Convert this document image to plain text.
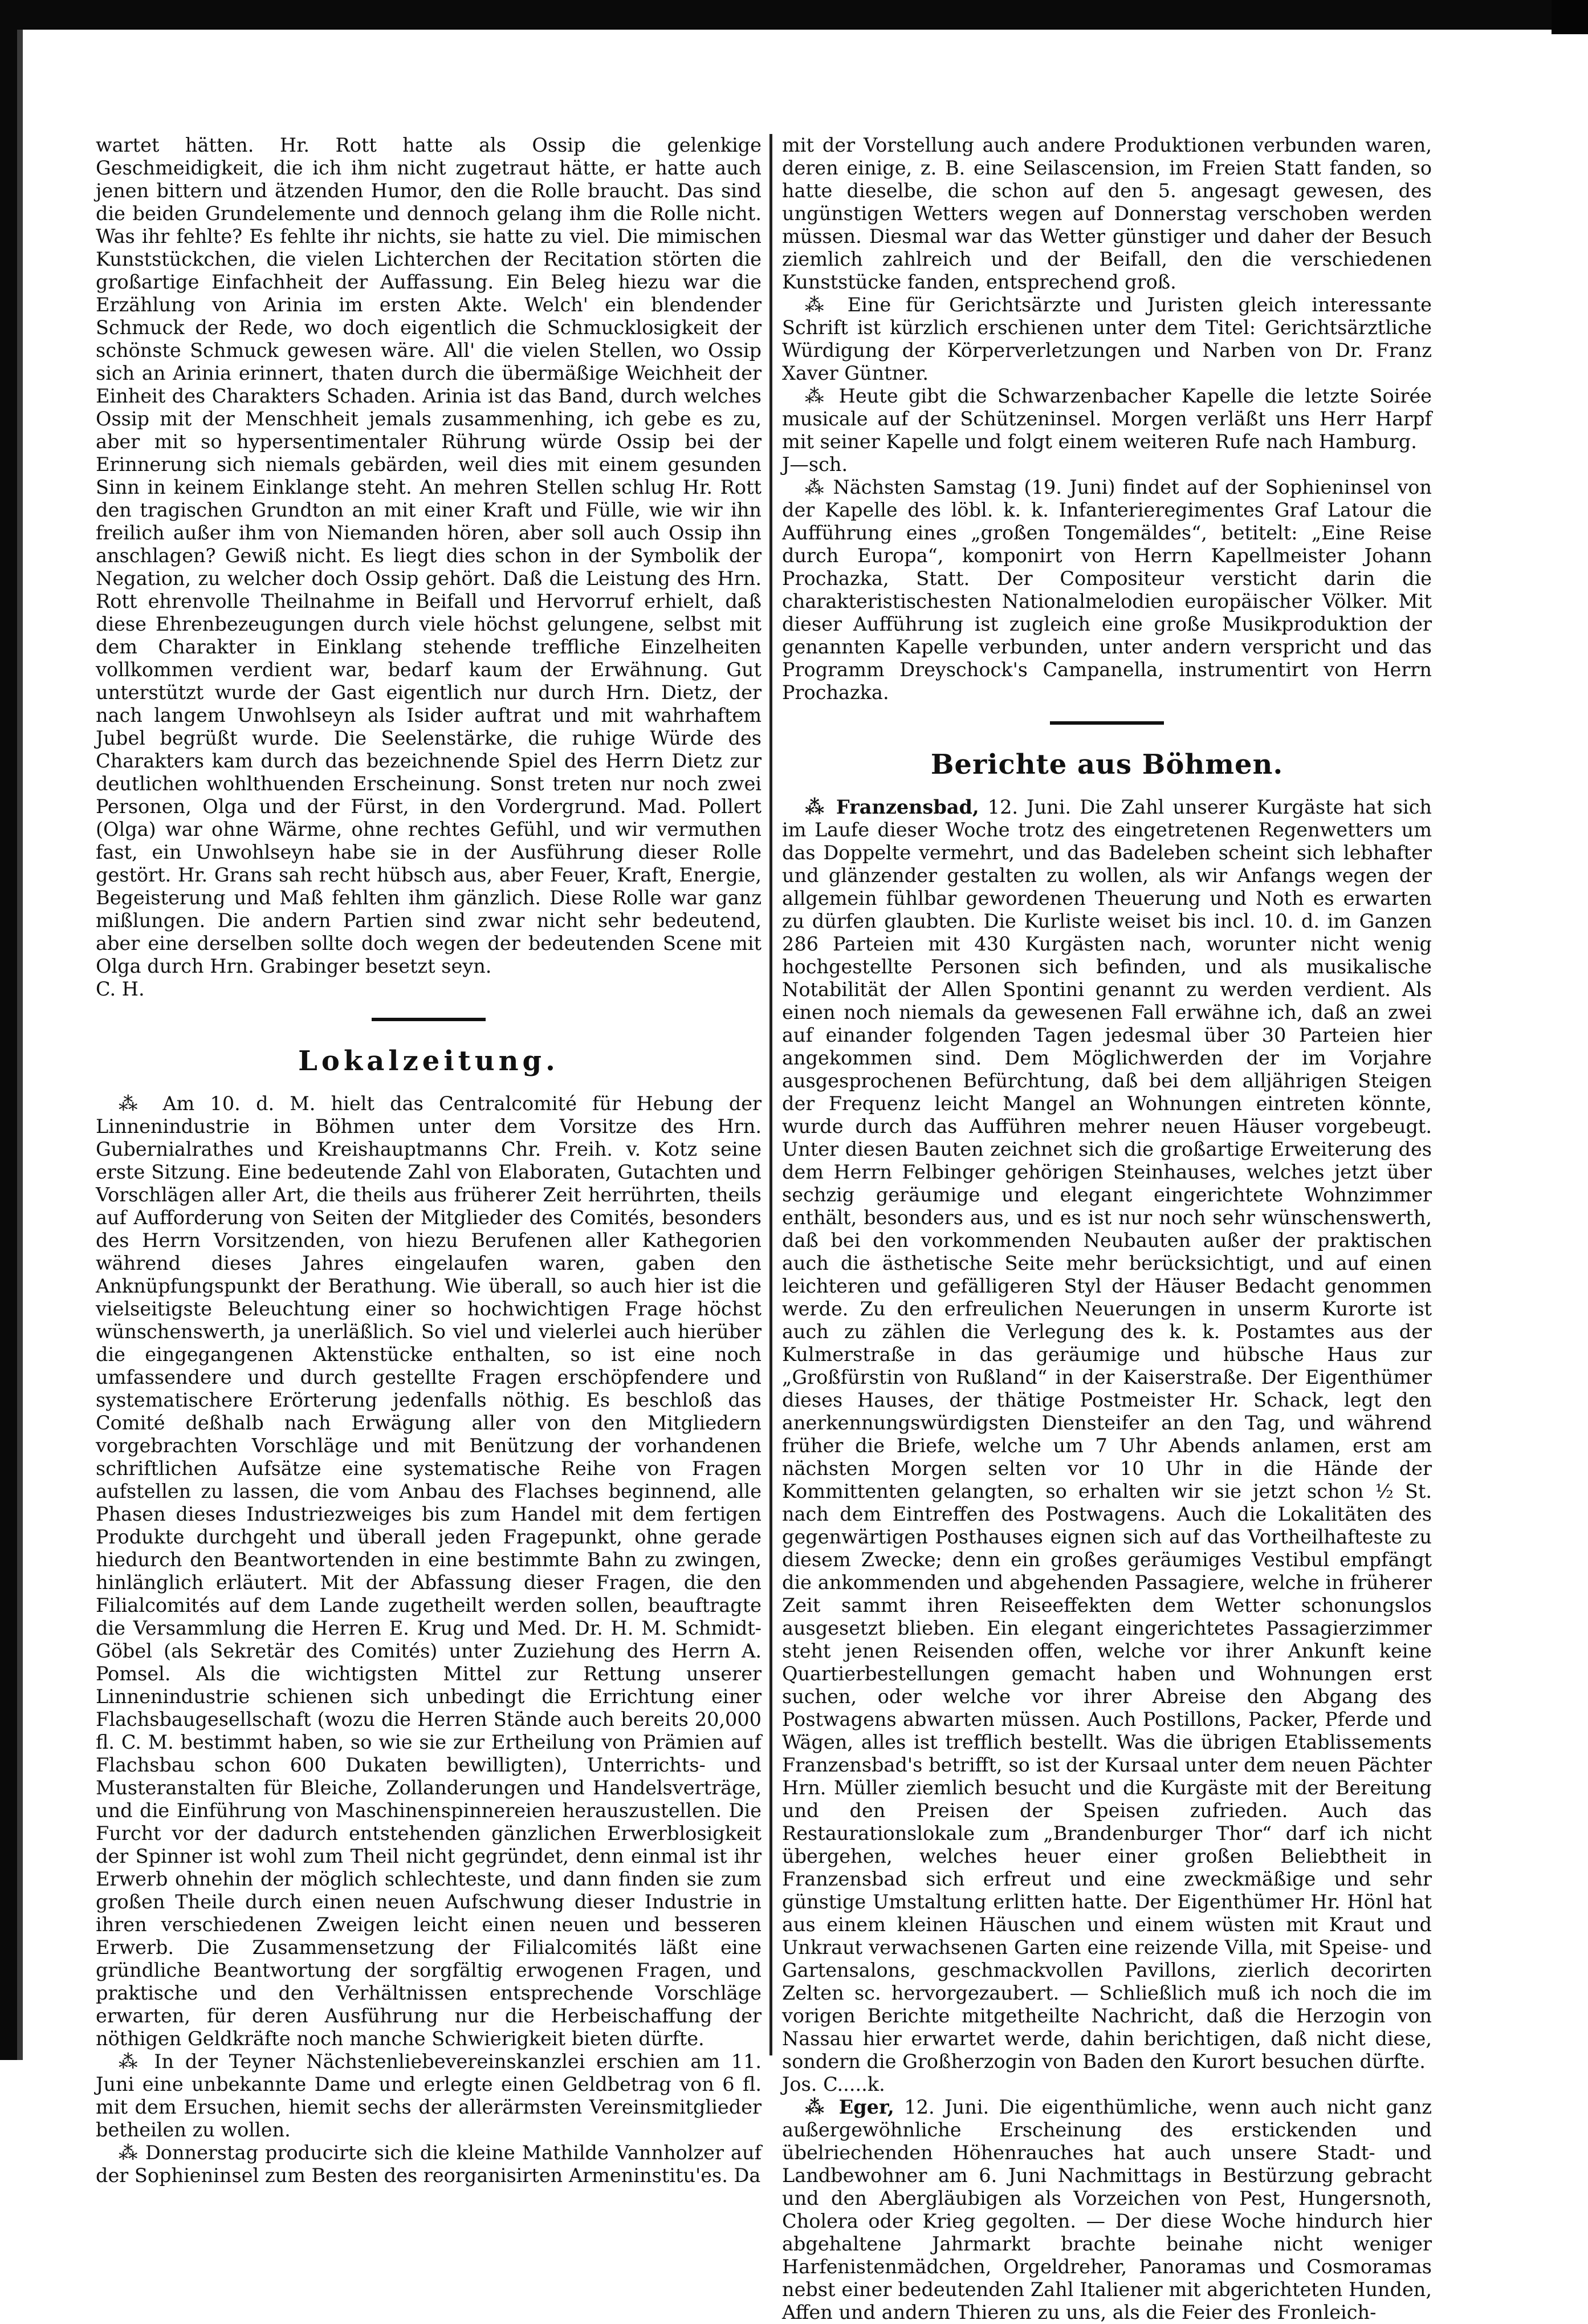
wartet hätten. Hr. Rott hatte als Ossip die gelenkige Geschmeidigkeit, die ich ihm nicht zugetraut hätte, er hatte auch jenen bittern und ätzenden Humor, den die Rolle braucht. Das sind die beiden Grundelemente und dennoch gelang ihm die Rolle nicht. Was ihr fehlte? Es fehlte ihr nichts, sie hatte zu viel. Die mimischen Kunststückchen, die vielen Lichterchen der Recitation störten die großartige Einfachheit der Auffassung. Ein Beleg hiezu war die Erzählung von Arinia im ersten Akte. Welch' ein blendender Schmuck der Rede, wo doch eigentlich die Schmucklosigkeit der schönste Schmuck gewesen wäre. All' die vielen Stellen, wo Ossip sich an Arinia erinnert, thaten durch die übermäßige Weichheit der Einheit des Charakters Schaden. Arinia ist das Band, durch welches Ossip mit der Menschheit jemals zusammenhing, ich gebe es zu, aber mit so hypersentimentaler Rührung würde Ossip bei der Erinnerung sich niemals gebärden, weil dies mit einem gesunden Sinn in keinem Einklange steht. An mehren Stellen schlug Hr. Rott den tragischen Grundton an mit einer Kraft und Fülle, wie wir ihn freilich außer ihm von Niemanden hören, aber soll auch Ossip ihn anschlagen? Gewiß nicht. Es liegt dies schon in der Symbolik der Negation, zu welcher doch Ossip gehört. Daß die Leistung des Hrn. Rott ehrenvolle Theilnahme in Beifall und Hervorruf erhielt, daß diese Ehrenbezeugungen durch viele höchst gelungene, selbst mit dem Charakter in Einklang stehende treffliche Einzelheiten vollkommen verdient war, bedarf kaum der Erwähnung. Gut unterstützt wurde der Gast eigentlich nur durch Hrn. Dietz, der nach langem Unwohlseyn als Isider auftrat und mit wahrhaftem Jubel begrüßt wurde. Die Seelenstärke, die ruhige Würde des Charakters kam durch das bezeichnende Spiel des Herrn Dietz zur deutlichen wohlthuenden Erscheinung. Sonst treten nur noch zwei Personen, Olga und der Fürst, in den Vordergrund. Mad. Pollert (Olga) war ohne Wärme, ohne rechtes Gefühl, und wir vermuthen fast, ein Unwohlseyn habe sie in der Ausführung dieser Rolle gestört. Hr. Grans sah recht hübsch aus, aber Feuer, Kraft, Energie, Begeisterung und Maß fehlten ihm gänzlich. Diese Rolle war ganz mißlungen. Die andern Partien sind zwar nicht sehr bedeutend, aber eine derselben sollte doch wegen der bedeutenden Scene mit Olga durch Hrn. Grabinger besetzt seyn.

C. H.

Lokalzeitung.

⁂ Am 10. d. M. hielt das Centralcomité für Hebung der Linnenindustrie in Böhmen unter dem Vorsitze des Hrn. Gubernialrathes und Kreishauptmanns Chr. Freih. v. Kotz seine erste Sitzung. Eine bedeutende Zahl von Elaboraten, Gutachten und Vorschlägen aller Art, die theils aus früherer Zeit herrührten, theils auf Aufforderung von Seiten der Mitglieder des Comités, besonders des Herrn Vorsitzenden, von hiezu Berufenen aller Kathegorien während dieses Jahres eingelaufen waren, gaben den Anknüpfungspunkt der Berathung. Wie überall, so auch hier ist die vielseitigste Beleuchtung einer so hochwichtigen Frage höchst wünschenswerth, ja unerläßlich. So viel und vielerlei auch hierüber die eingegangenen Aktenstücke enthalten, so ist eine noch umfassendere und durch gestellte Fragen erschöpfendere und systematischere Erörterung jedenfalls nöthig. Es beschloß das Comité deßhalb nach Erwägung aller von den Mitgliedern vorgebrachten Vorschläge und mit Benützung der vorhandenen schriftlichen Aufsätze eine systematische Reihe von Fragen aufstellen zu lassen, die vom Anbau des Flachses beginnend, alle Phasen dieses Industriezweiges bis zum Handel mit dem fertigen Produkte durchgeht und überall jeden Fragepunkt, ohne gerade hiedurch den Beantwortenden in eine bestimmte Bahn zu zwingen, hinlänglich erläutert. Mit der Abfassung dieser Fragen, die den Filialcomités auf dem Lande zugetheilt werden sollen, beauftragte die Versammlung die Herren E. Krug und Med. Dr. H. M. Schmidt-Göbel (als Sekretär des Comités) unter Zuziehung des Herrn A. Pomsel. Als die wichtigsten Mittel zur Rettung unserer Linnenindustrie schienen sich unbedingt die Errichtung einer Flachsbaugesellschaft (wozu die Herren Stände auch bereits 20,000 fl. C. M. bestimmt haben, so wie sie zur Ertheilung von Prämien auf Flachsbau schon 600 Dukaten bewilligten), Unterrichts- und Musteranstalten für Bleiche, Zollanderungen und Handelsverträge, und die Einführung von Maschinenspinnereien herauszustellen. Die Furcht vor der dadurch entstehenden gänzlichen Erwerblosigkeit der Spinner ist wohl zum Theil nicht gegründet, denn einmal ist ihr Erwerb ohnehin der möglich schlechteste, und dann finden sie zum großen Theile durch einen neuen Aufschwung dieser Industrie in ihren verschiedenen Zweigen leicht einen neuen und besseren Erwerb. Die Zusammensetzung der Filialcomités läßt eine gründliche Beantwortung der sorgfältig erwogenen Fragen, und praktische und den Verhältnissen entsprechende Vorschläge erwarten, für deren Ausführung nur die Herbeischaffung der nöthigen Geldkräfte noch manche Schwierigkeit bieten dürfte.

⁂ In der Teyner Nächstenliebevereinskanzlei erschien am 11. Juni eine unbekannte Dame und erlegte einen Geldbetrag von 6 fl. mit dem Ersuchen, hiemit sechs der allerärmsten Vereinsmitglieder betheilen zu wollen.

⁂ Donnerstag producirte sich die kleine Mathilde Vannholzer auf der Sophieninsel zum Besten des reorganisirten Armeninstitu'es. Da

mit der Vorstellung auch andere Produktionen verbunden waren, deren einige, z. B. eine Seilascension, im Freien Statt fanden, so hatte dieselbe, die schon auf den 5. angesagt gewesen, des ungünstigen Wetters wegen auf Donnerstag verschoben werden müssen. Diesmal war das Wetter günstiger und daher der Besuch ziemlich zahlreich und der Beifall, den die verschiedenen Kunststücke fanden, entsprechend groß.

⁂ Eine für Gerichtsärzte und Juristen gleich interessante Schrift ist kürzlich erschienen unter dem Titel: Gerichtsärztliche Würdigung der Körperverletzungen und Narben von Dr. Franz Xaver Güntner.

⁂ Heute gibt die Schwarzenbacher Kapelle die letzte Soirée musicale auf der Schützeninsel. Morgen verläßt uns Herr Harpf mit seiner Kapelle und folgt einem weiteren Rufe nach Hamburg.

J—sch.

⁂ Nächsten Samstag (19. Juni) findet auf der Sophieninsel von der Kapelle des löbl. k. k. Infanterieregimentes Graf Latour die Aufführung eines „großen Tongemäldes“, betitelt: „Eine Reise durch Europa“, komponirt von Herrn Kapellmeister Johann Prochazka, Statt. Der Compositeur versticht darin die charakteristischesten Nationalmelodien europäischer Völker. Mit dieser Aufführung ist zugleich eine große Musikproduktion der genannten Kapelle verbunden, unter andern verspricht und das Programm Dreyschock's Campanella, instrumentirt von Herrn Prochazka.

Berichte aus Böhmen.

⁂ Franzensbad, 12. Juni. Die Zahl unserer Kurgäste hat sich im Laufe dieser Woche trotz des eingetretenen Regenwetters um das Doppelte vermehrt, und das Badeleben scheint sich lebhafter und glänzender gestalten zu wollen, als wir Anfangs wegen der allgemein fühlbar gewordenen Theuerung und Noth es erwarten zu dürfen glaubten. Die Kurliste weiset bis incl. 10. d. im Ganzen 286 Parteien mit 430 Kurgästen nach, worunter nicht wenig hochgestellte Personen sich befinden, und als musikalische Notabilität der Allen Spontini genannt zu werden verdient. Als einen noch niemals da gewesenen Fall erwähne ich, daß an zwei auf einander folgenden Tagen jedesmal über 30 Parteien hier angekommen sind. Dem Möglichwerden der im Vorjahre ausgesprochenen Befürchtung, daß bei dem alljährigen Steigen der Frequenz leicht Mangel an Wohnungen eintreten könnte, wurde durch das Aufführen mehrer neuen Häuser vorgebeugt. Unter diesen Bauten zeichnet sich die großartige Erweiterung des dem Herrn Felbinger gehörigen Steinhauses, welches jetzt über sechzig geräumige und elegant eingerichtete Wohnzimmer enthält, besonders aus, und es ist nur noch sehr wünschenswerth, daß bei den vorkommenden Neubauten außer der praktischen auch die ästhetische Seite mehr berücksichtigt, und auf einen leichteren und gefälligeren Styl der Häuser Bedacht genommen werde. Zu den erfreulichen Neuerungen in unserm Kurorte ist auch zu zählen die Verlegung des k. k. Postamtes aus der Kulmerstraße in das geräumige und hübsche Haus zur „Großfürstin von Rußland“ in der Kaiserstraße. Der Eigenthümer dieses Hauses, der thätige Postmeister Hr. Schack, legt den anerkennungswürdigsten Diensteifer an den Tag, und während früher die Briefe, welche um 7 Uhr Abends anlamen, erst am nächsten Morgen selten vor 10 Uhr in die Hände der Kommittenten gelangten, so erhalten wir sie jetzt schon ½ St. nach dem Eintreffen des Postwagens. Auch die Lokalitäten des gegenwärtigen Posthauses eignen sich auf das Vortheilhafteste zu diesem Zwecke; denn ein großes geräumiges Vestibul empfängt die ankommenden und abgehenden Passagiere, welche in früherer Zeit sammt ihren Reiseeffekten dem Wetter schonungslos ausgesetzt blieben. Ein elegant eingerichtetes Passagierzimmer steht jenen Reisenden offen, welche vor ihrer Ankunft keine Quartierbestellungen gemacht haben und Wohnungen erst suchen, oder welche vor ihrer Abreise den Abgang des Postwagens abwarten müssen. Auch Postillons, Packer, Pferde und Wägen, alles ist trefflich bestellt. Was die übrigen Etablissements Franzensbad's betrifft, so ist der Kursaal unter dem neuen Pächter Hrn. Müller ziemlich besucht und die Kurgäste mit der Bereitung und den Preisen der Speisen zufrieden. Auch das Restaurationslokale zum „Brandenburger Thor“ darf ich nicht übergehen, welches heuer einer großen Beliebtheit in Franzensbad sich erfreut und eine zweckmäßige und sehr günstige Umstaltung erlitten hatte. Der Eigenthümer Hr. Hönl hat aus einem kleinen Häuschen und einem wüsten mit Kraut und Unkraut verwachsenen Garten eine reizende Villa, mit Speise- und Gartensalons, geschmackvollen Pavillons, zierlich decorirten Zelten sc. hervorgezaubert. — Schließlich muß ich noch die im vorigen Berichte mitgetheilte Nachricht, daß die Herzogin von Nassau hier erwartet werde, dahin berichtigen, daß nicht diese, sondern die Großherzogin von Baden den Kurort besuchen dürfte.

Jos. C.....k.

⁂ Eger, 12. Juni. Die eigenthümliche, wenn auch nicht ganz außergewöhnliche Erscheinung des erstickenden und übelriechenden Höhenrauches hat auch unsere Stadt- und Landbewohner am 6. Juni Nachmittags in Bestürzung gebracht und den Abergläubigen als Vorzeichen von Pest, Hungersnoth, Cholera oder Krieg gegolten. — Der diese Woche hindurch hier abgehaltene Jahrmarkt brachte beinahe nicht weniger Harfenistenmädchen, Orgeldreher, Panoramas und Cosmoramas nebst einer bedeutenden Zahl Italiener mit abgerichteten Hunden, Affen und andern Thieren zu uns, als die Feier des Fronleich-
